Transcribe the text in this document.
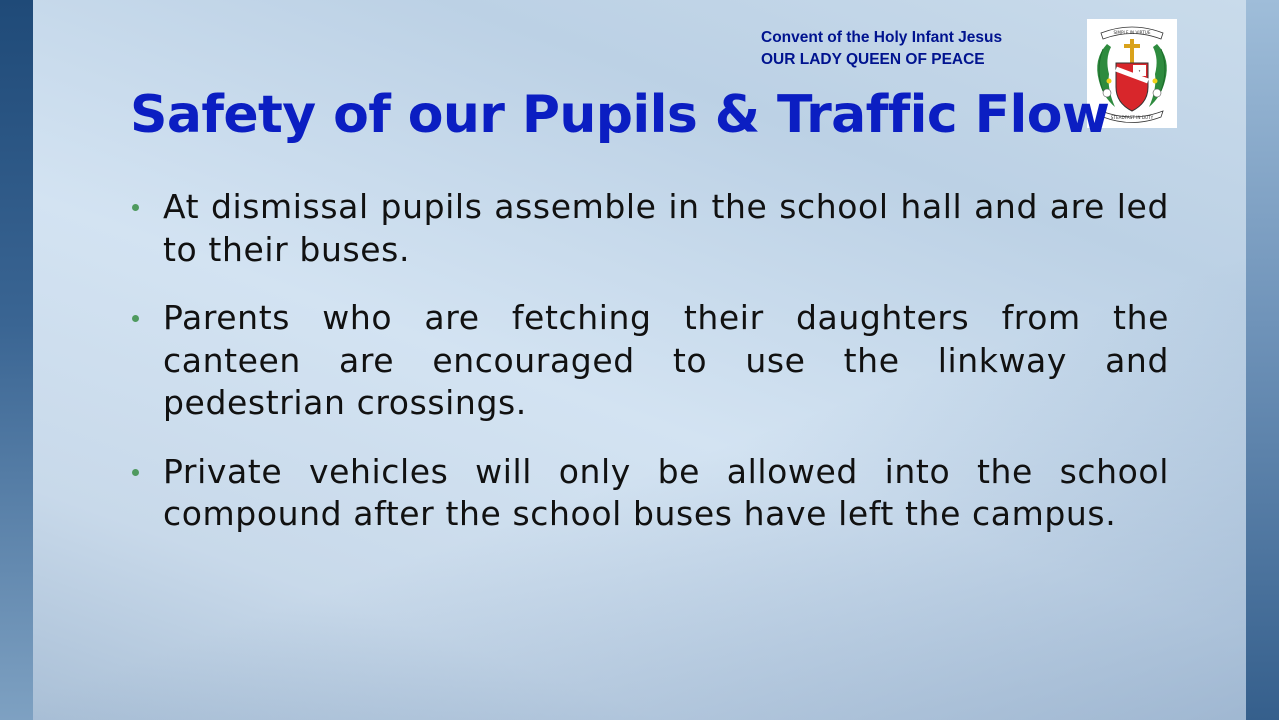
Convent of the Holy Infant Jesus
OUR LADY QUEEN OF PEACE
SIMPLE IN VIRTUE
✦
STEADFAST IN DUTY
Safety of our Pupils & Traffic Flow
At dismissal pupils assemble in the school hall and are led to their buses.
Parents who are fetching their daughters from the canteen are encouraged to use the linkway and pedestrian crossings.
Private vehicles will only be allowed into the school compound after the school buses have left the campus.
